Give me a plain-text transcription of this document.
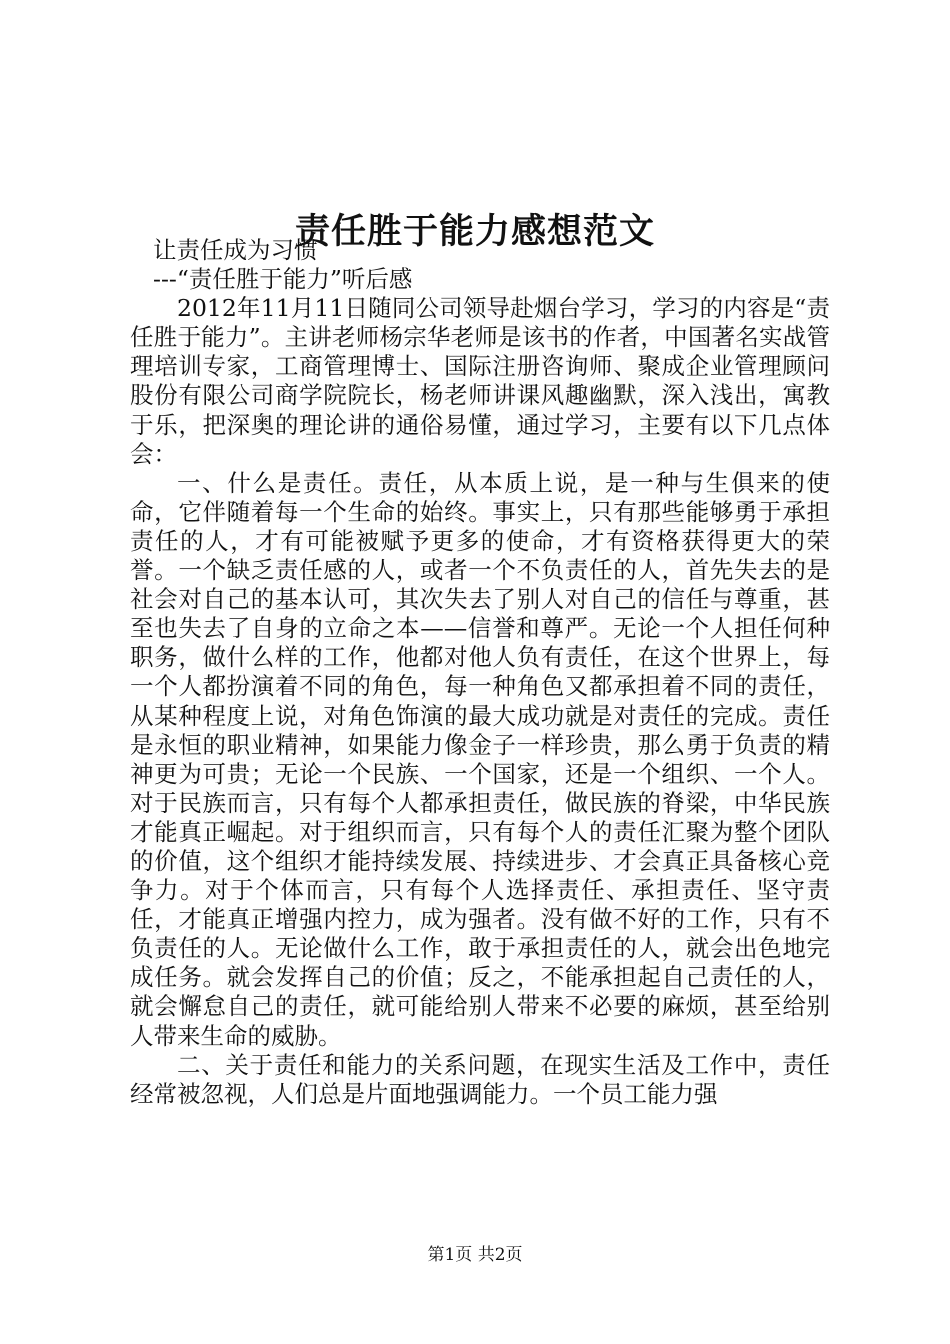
责任胜于能力感想范文

让责任成为习惯

---“责任胜于能力”听后感

2012年11月11日随同公司领导赴烟台学习，学习的内容是“责任胜于能力”。主讲老师杨宗华老师是该书的作者，中国著名实战管理培训专家，工商管理博士、国际注册咨询师、聚成企业管理顾问股份有限公司商学院院长，杨老师讲课风趣幽默，深入浅出，寓教于乐，把深奥的理论讲的通俗易懂，通过学习，主要有以下几点体会：

一、什么是责任。责任，从本质上说，是一种与生俱来的使命，它伴随着每一个生命的始终。事实上，只有那些能够勇于承担责任的人，才有可能被赋予更多的使命，才有资格获得更大的荣誉。一个缺乏责任感的人，或者一个不负责任的人，首先失去的是社会对自己的基本认可，其次失去了别人对自己的信任与尊重，甚至也失去了自身的立命之本——信誉和尊严。无论一个人担任何种职务，做什么样的工作，他都对他人负有责任，在这个世界上，每一个人都扮演着不同的角色，每一种角色又都承担着不同的责任，从某种程度上说，对角色饰演的最大成功就是对责任的完成。责任是永恒的职业精神，如果能力像金子一样珍贵，那么勇于负责的精神更为可贵；无论一个民族、一个国家，还是一个组织、一个人。对于民族而言，只有每个人都承担责任，做民族的脊梁，中华民族才能真正崛起。对于组织而言，只有每个人的责任汇聚为整个团队的价值，这个组织才能持续发展、持续进步、才会真正具备核心竞争力。对于个体而言，只有每个人选择责任、承担责任、坚守责任，才能真正增强内控力，成为强者。没有做不好的工作，只有不负责任的人。无论做什么工作，敢于承担责任的人，就会出色地完成任务。就会发挥自己的价值；反之，不能承担起自己责任的人，就会懈怠自己的责任，就可能给别人带来不必要的麻烦，甚至给别人带来生命的威胁。

二、关于责任和能力的关系问题，在现实生活及工作中，责任经常被忽视，人们总是片面地强调能力。一个员工能力强

第1页 共2页
